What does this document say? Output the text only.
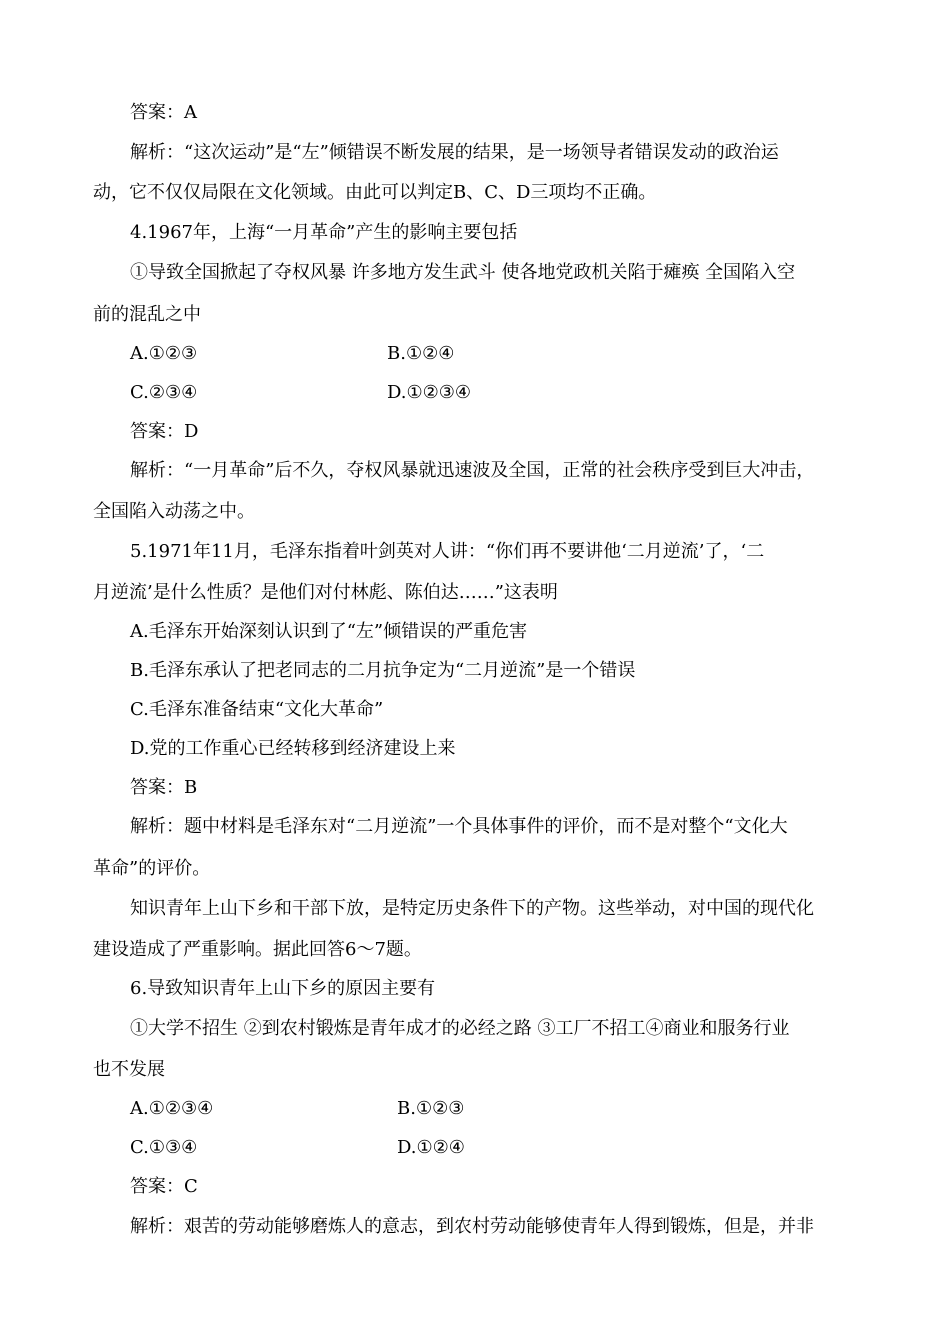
答案：A
解析：“这次运动”是“左”倾错误不断发展的结果，是一场领导者错误发动的政治运
动，它不仅仅局限在文化领域。由此可以判定B、C、D三项均不正确。
4.1967年，上海“一月革命”产生的影响主要包括
①导致全国掀起了夺权风暴 许多地方发生武斗 使各地党政机关陷于瘫痪 全国陷入空
前的混乱之中
A.①②③	B.①②④
C.②③④	D.①②③④
答案：D
解析：“一月革命”后不久，夺权风暴就迅速波及全国，正常的社会秩序受到巨大冲击，
全国陷入动荡之中。
5.1971年11月，毛泽东指着叶剑英对人讲：“你们再不要讲他‘二月逆流’了，‘二
月逆流’是什么性质？是他们对付林彪、陈伯达……”这表明
A.毛泽东开始深刻认识到了“左”倾错误的严重危害
B.毛泽东承认了把老同志的二月抗争定为“二月逆流”是一个错误
C.毛泽东准备结束“文化大革命”
D.党的工作重心已经转移到经济建设上来
答案：B
解析：题中材料是毛泽东对“二月逆流”一个具体事件的评价，而不是对整个“文化大
革命”的评价。
知识青年上山下乡和干部下放，是特定历史条件下的产物。这些举动，对中国的现代化
建设造成了严重影响。据此回答6～7题。
6.导致知识青年上山下乡的原因主要有
①大学不招生 ②到农村锻炼是青年成才的必经之路 ③工厂不招工④商业和服务行业
也不发展
A.①②③④	B.①②③
C.①③④	D.①②④
答案：C
解析：艰苦的劳动能够磨炼人的意志，到农村劳动能够使青年人得到锻炼，但是，并非
